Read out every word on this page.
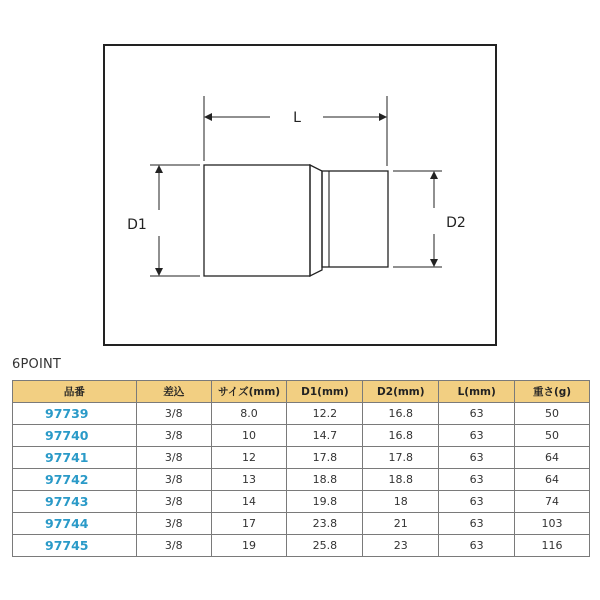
L
D1	D2
6POINT
品番	差込	サイズ(mm)	D1(mm)	D2(mm)	L(mm)	重さ(g)
97739	3/8	8.0	12.2	16.8	63	50
97740	3/8	10	14.7	16.8	63	50
97741	3/8	12	17.8	17.8	63	64
97742	3/8	13	18.8	18.8	63	64
97743	3/8	14	19.8	18	63	74
97744	3/8	17	23.8	21	63	103
97745	3/8	19	25.8	23	63	116
